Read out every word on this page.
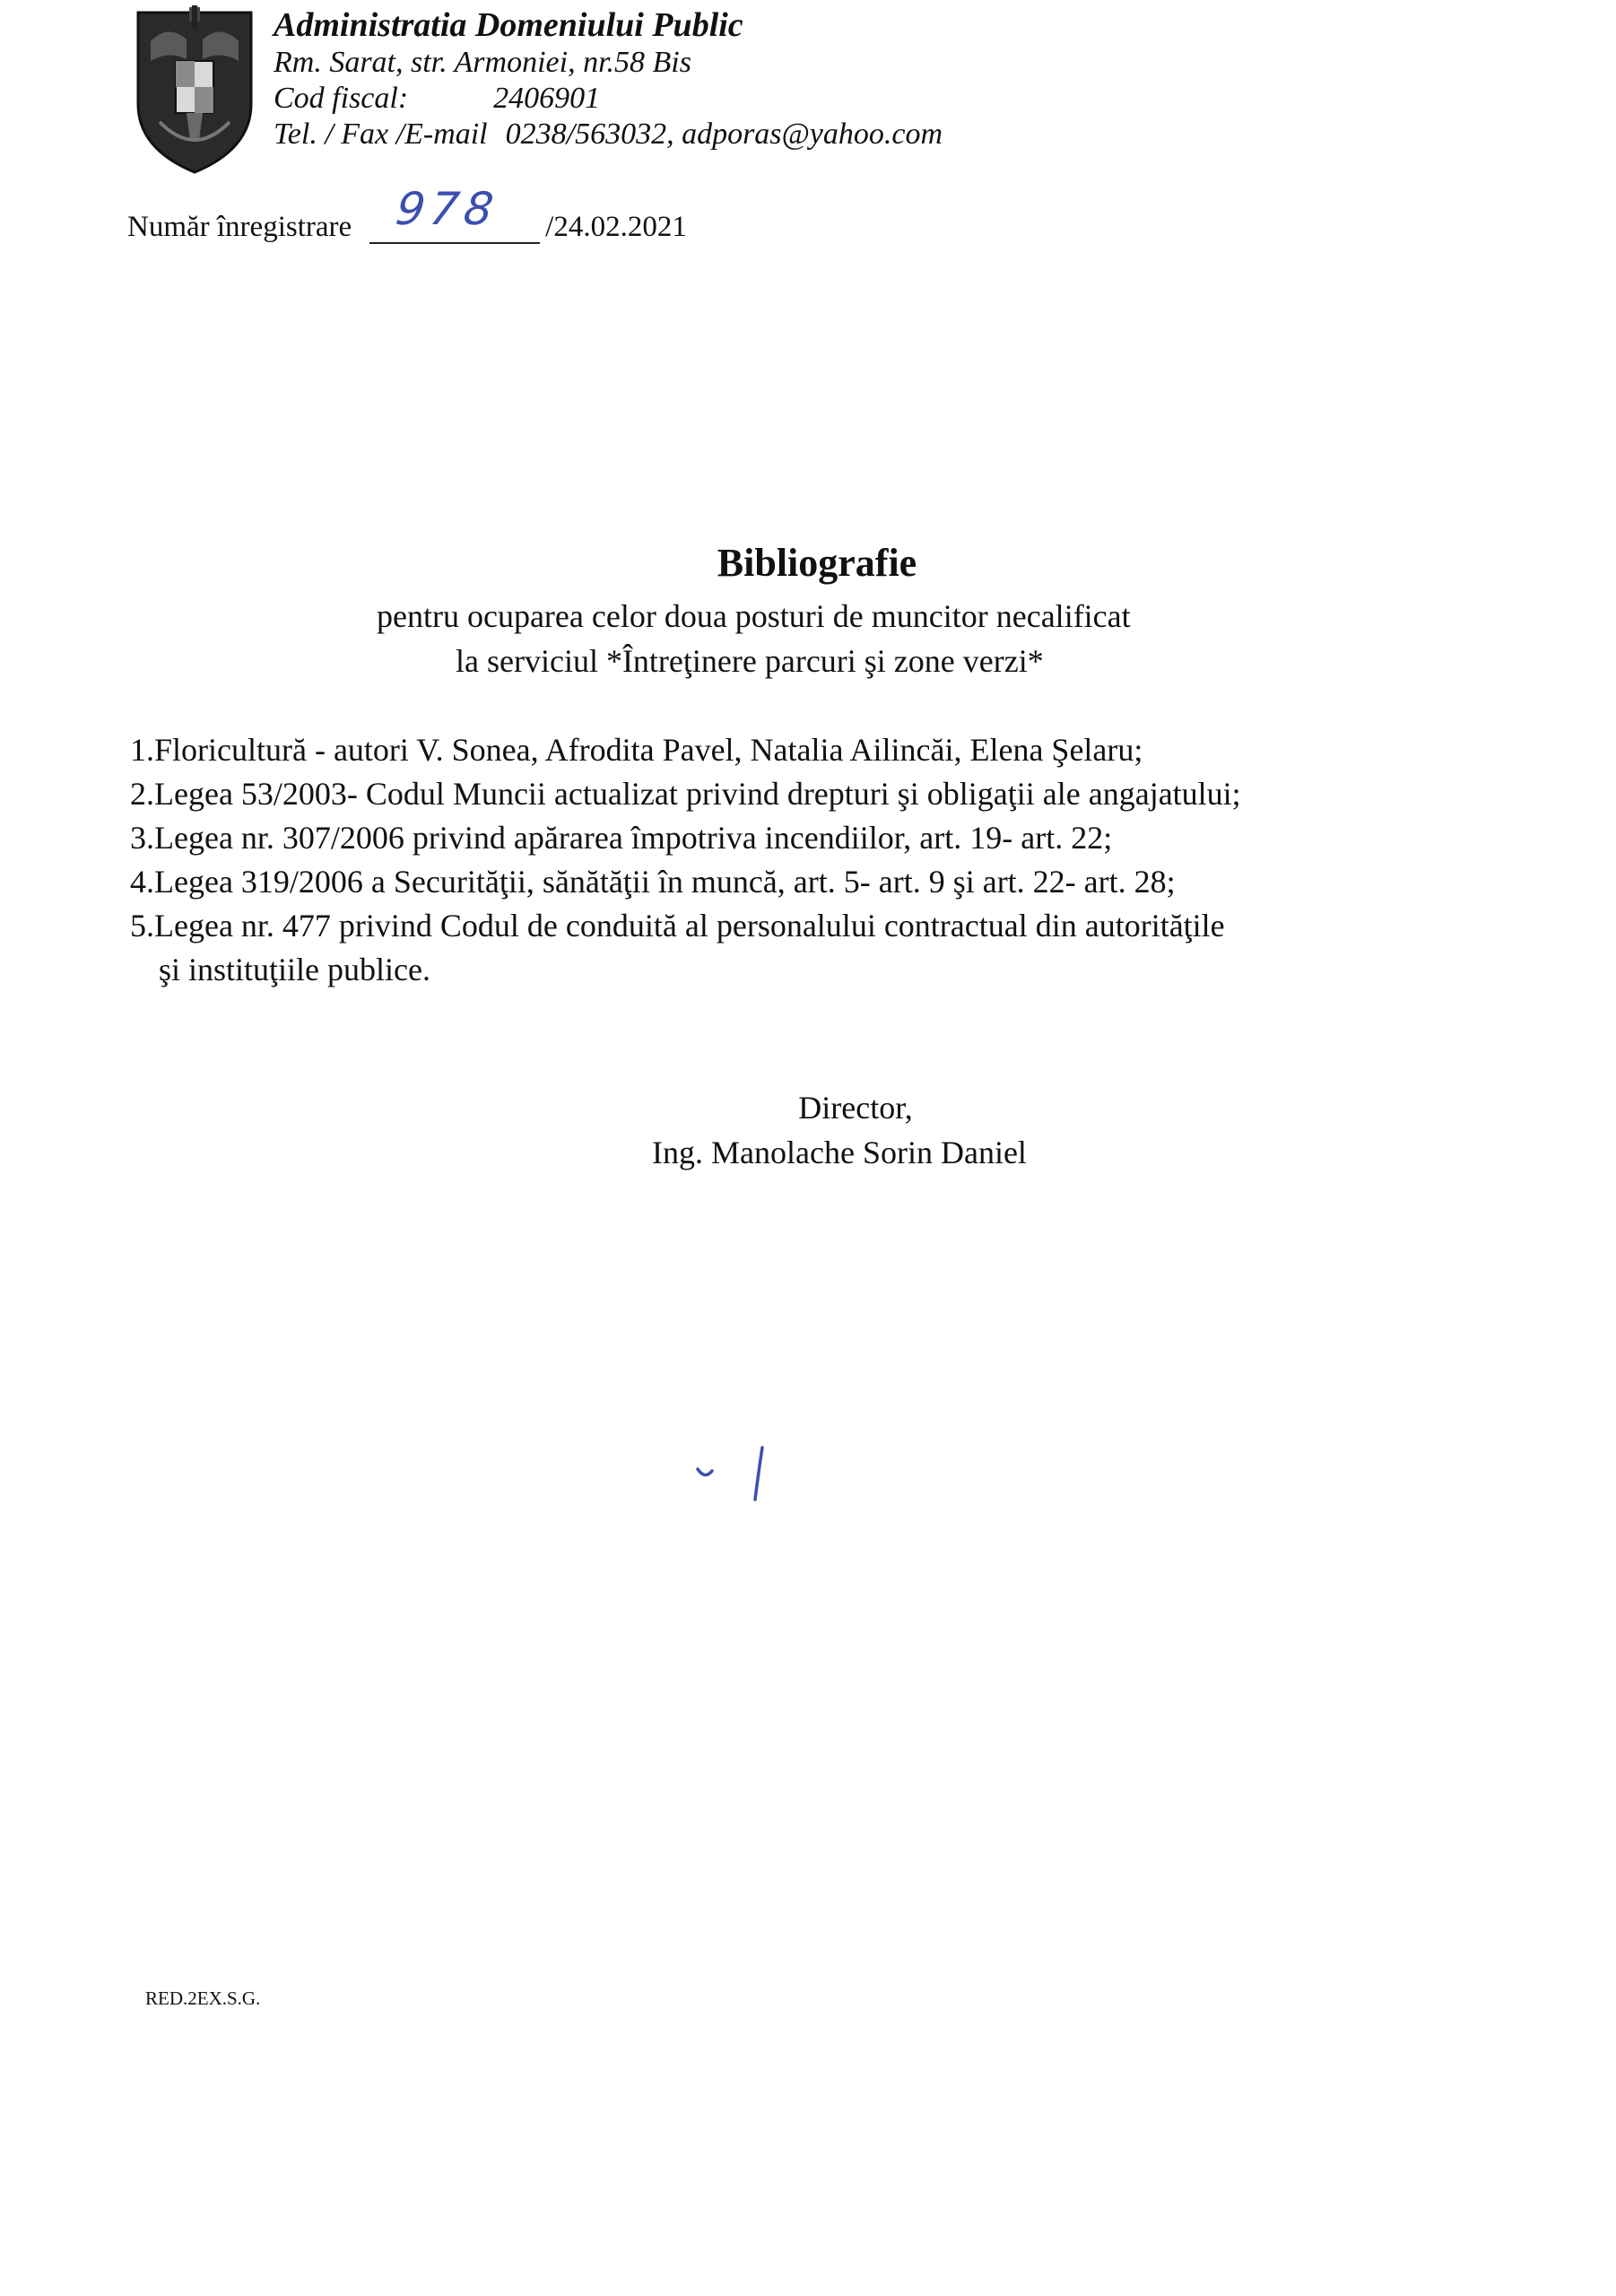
Administratia Domeniului Public
Rm. Sarat, str. Armoniei, nr.58 Bis
Cod fiscal:	2406901
Tel. / Fax /E-mail 0238/563032, adporas@yahoo.com
Număr înregistrare 978 /24.02.2021
Bibliografie
pentru ocuparea celor doua posturi de muncitor necalificat
la serviciul *Întreţinere parcuri şi zone verzi*
1.Floricultură - autori V. Sonea, Afrodita Pavel, Natalia Ailincăi, Elena Şelaru;
2.Legea 53/2003- Codul Muncii actualizat privind drepturi şi obligaţii ale angajatului;
3.Legea nr. 307/2006 privind apărarea împotriva incendiilor, art. 19- art. 22;
4.Legea 319/2006 a Securităţii, sănătăţii în muncă, art. 5- art. 9 şi art. 22- art. 28;
5.Legea nr. 477 privind Codul de conduită al personalului contractual din autorităţile
şi instituţiile publice.
Director,
Ing. Manolache Sorin Daniel
RED.2EX.S.G.
